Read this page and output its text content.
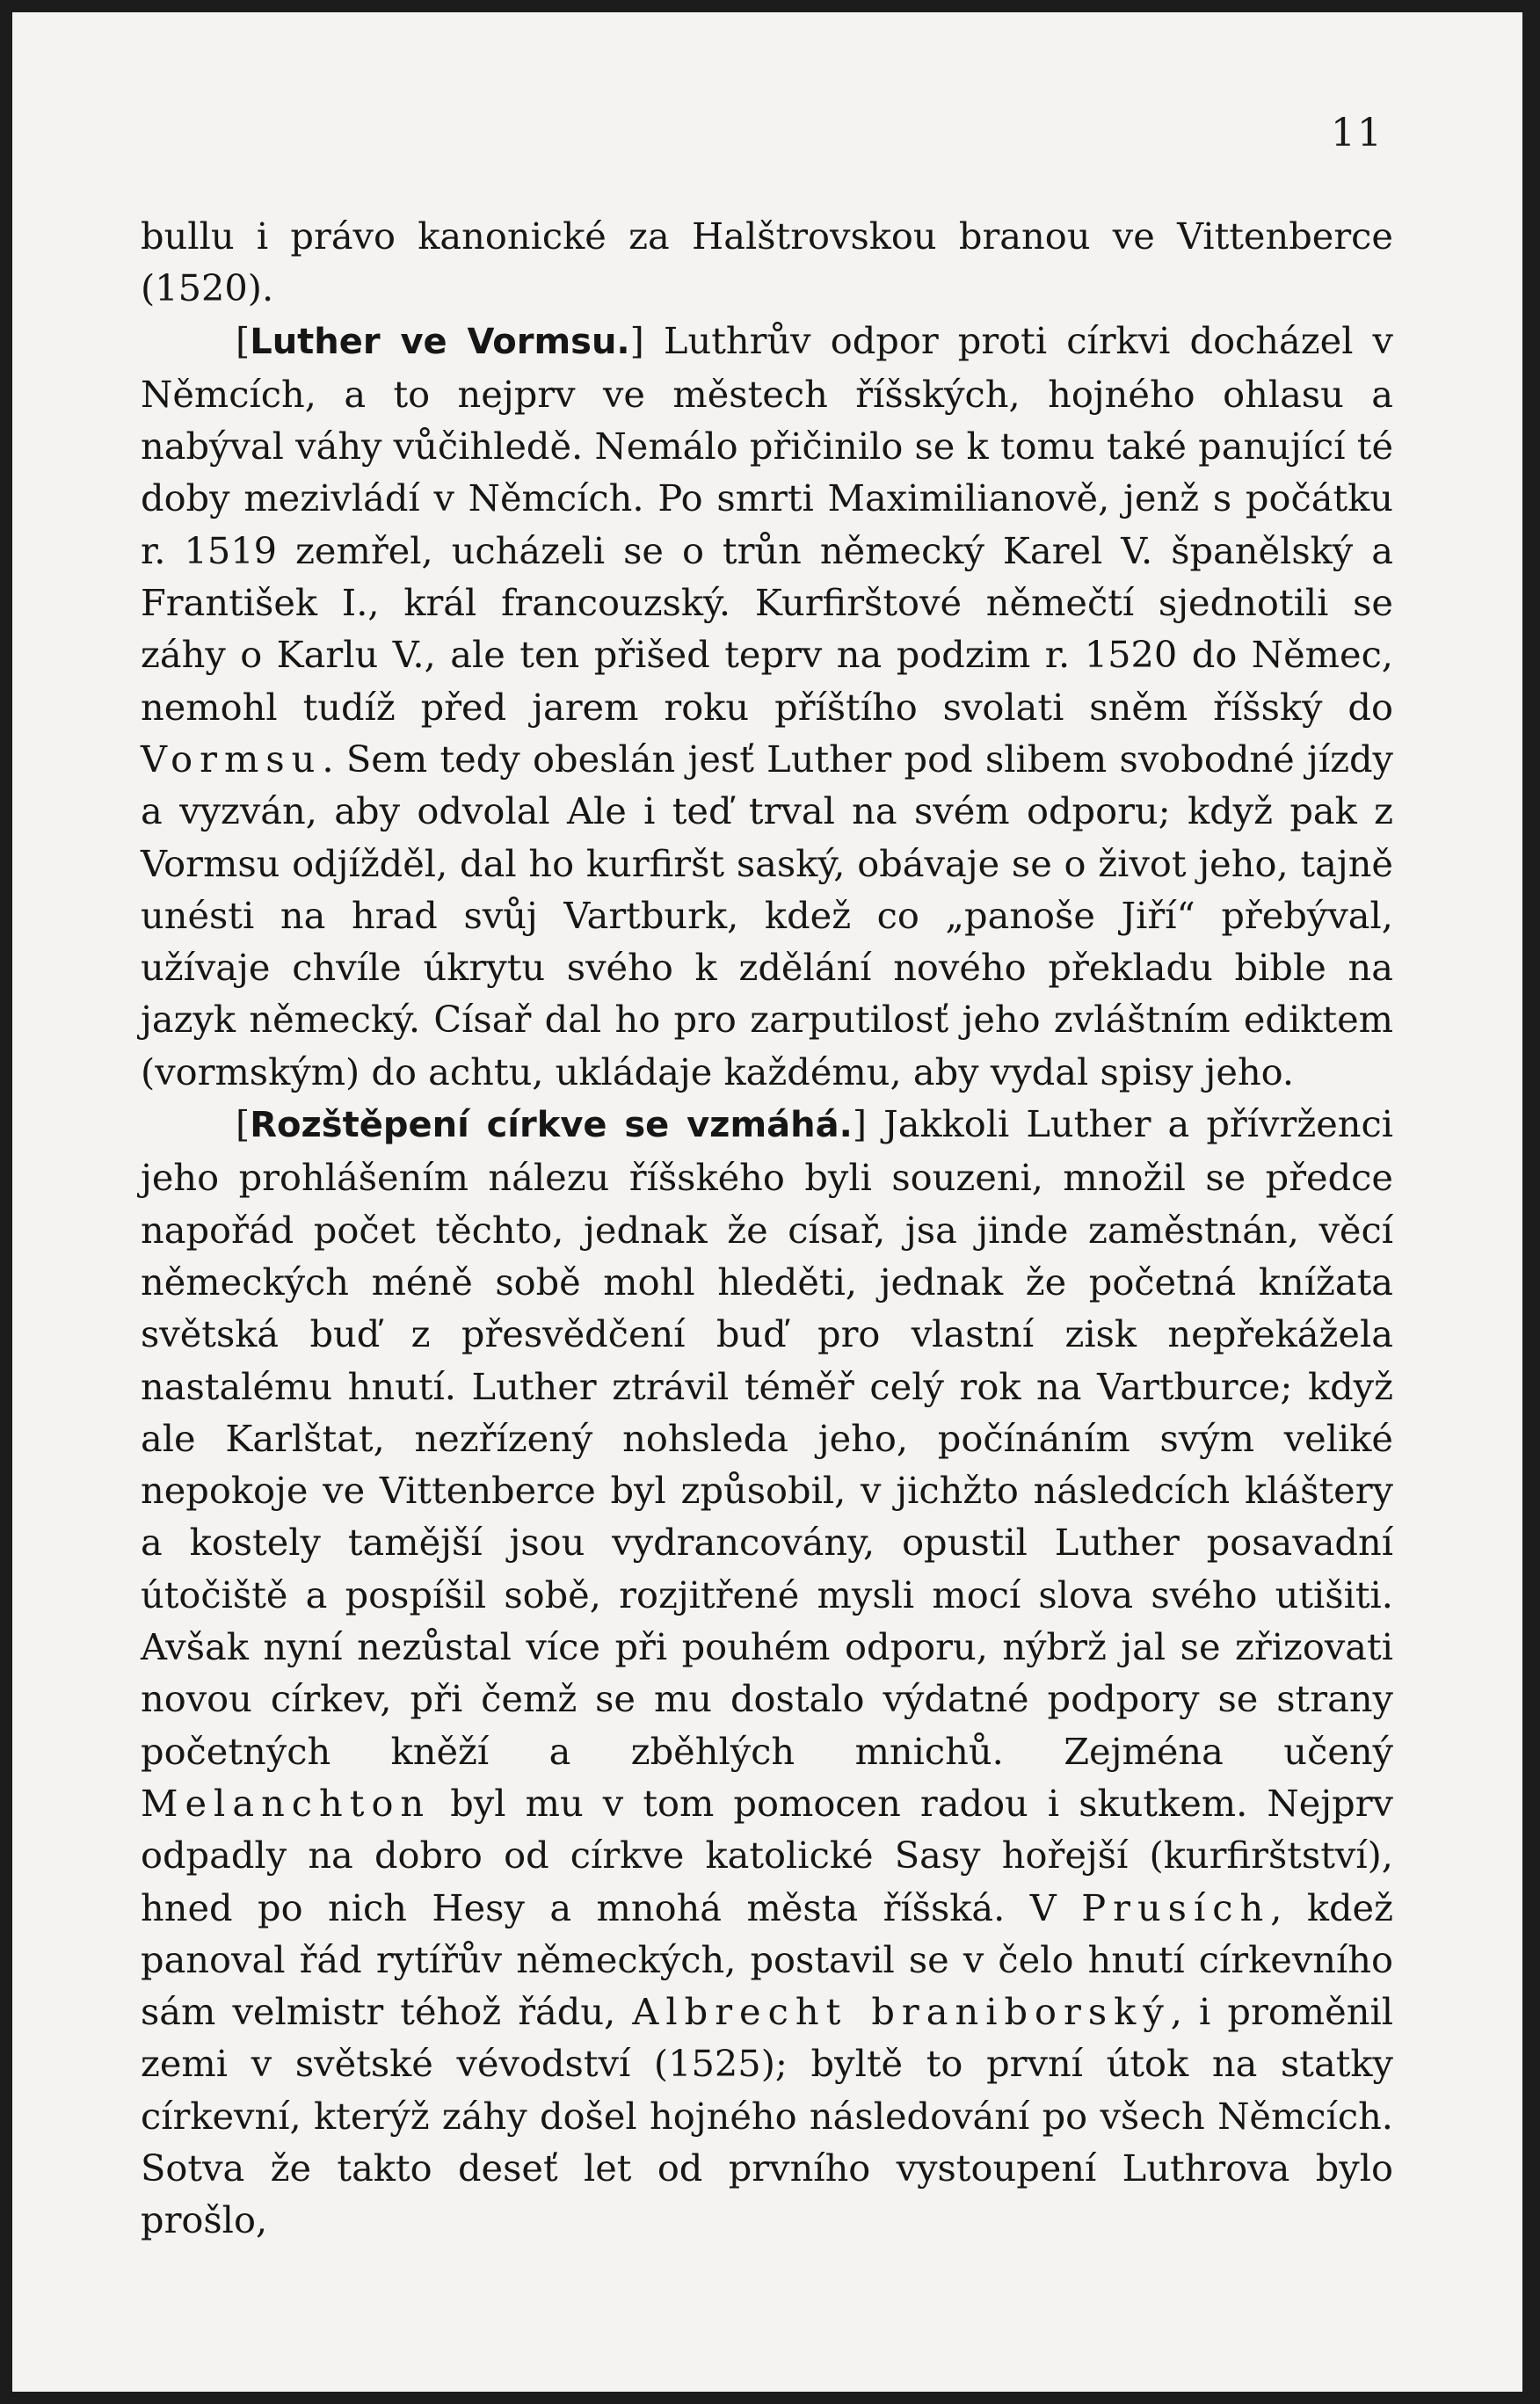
11

bullu i právo kanonické za Halštrovskou branou ve Vittenberce (1520).

[Luther ve Vormsu.] Luthrův odpor proti církvi docházel v Němcích, a to nejprv ve městech říšských, hojného ohlasu a nabýval váhy vůčihledě. Nemálo přičinilo se k tomu také panující té doby mezivládí v Němcích. Po smrti Maximilianově, jenž s počátku r. 1519 zemřel, ucházeli se o trůn německý Karel V. španělský a František I., král francouzský. Kurfirštové němečtí sjednotili se záhy o Karlu V., ale ten přišed teprv na podzim r. 1520 do Němec, nemohl tudíž před jarem roku příštího svolati sněm říšský do Vormsu. Sem tedy obeslán jesť Luther pod slibem svobodné jízdy a vyzván, aby odvolal Ale i teď trval na svém odporu; když pak z Vormsu odjížděl, dal ho kurfiršt saský, obávaje se o život jeho, tajně unésti na hrad svůj Vartburk, kdež co „panoše Jiří“ přebýval, užívaje chvíle úkrytu svého k zdělání nového překladu bible na jazyk německý. Císař dal ho pro zarputilosť jeho zvláštním ediktem (vormským) do achtu, ukládaje každému, aby vydal spisy jeho.

[Rozštěpení církve se vzmáhá.] Jakkoli Luther a přívrženci jeho prohlášením nálezu říšského byli souzeni, množil se předce napořád počet těchto, jednak že císař, jsa jinde zaměstnán, věcí německých méně sobě mohl hleděti, jednak že početná knížata světská buď z přesvědčení buď pro vlastní zisk nepřekážela nastalému hnutí. Luther ztrávil téměř celý rok na Vartburce; když ale Karlštat, nezřízený nohsleda jeho, počínáním svým veliké nepokoje ve Vittenberce byl způsobil, v jichžto následcích kláštery a kostely tamější jsou vydrancovány, opustil Luther posavadní útočiště a pospíšil sobě, rozjitřené mysli mocí slova svého utišiti. Avšak nyní nezůstal více při pouhém odporu, nýbrž jal se zřizovati novou církev, při čemž se mu dostalo výdatné podpory se strany početných kněží a zběhlých mnichů. Zejména učený Melanchton byl mu v tom pomocen radou i skutkem. Nejprv odpadly na dobro od církve katolické Sasy hořejší (kurfirštství), hned po nich Hesy a mnohá města říšská. V Prusích, kdež panoval řád rytířův německých, postavil se v čelo hnutí církevního sám velmistr téhož řádu, Albrecht braniborský, i proměnil zemi v světské vévodství (1525); byltě to první útok na statky církevní, kterýž záhy došel hojného následování po všech Němcích. Sotva že takto deseť let od prvního vystoupení Luthrova bylo prošlo,
